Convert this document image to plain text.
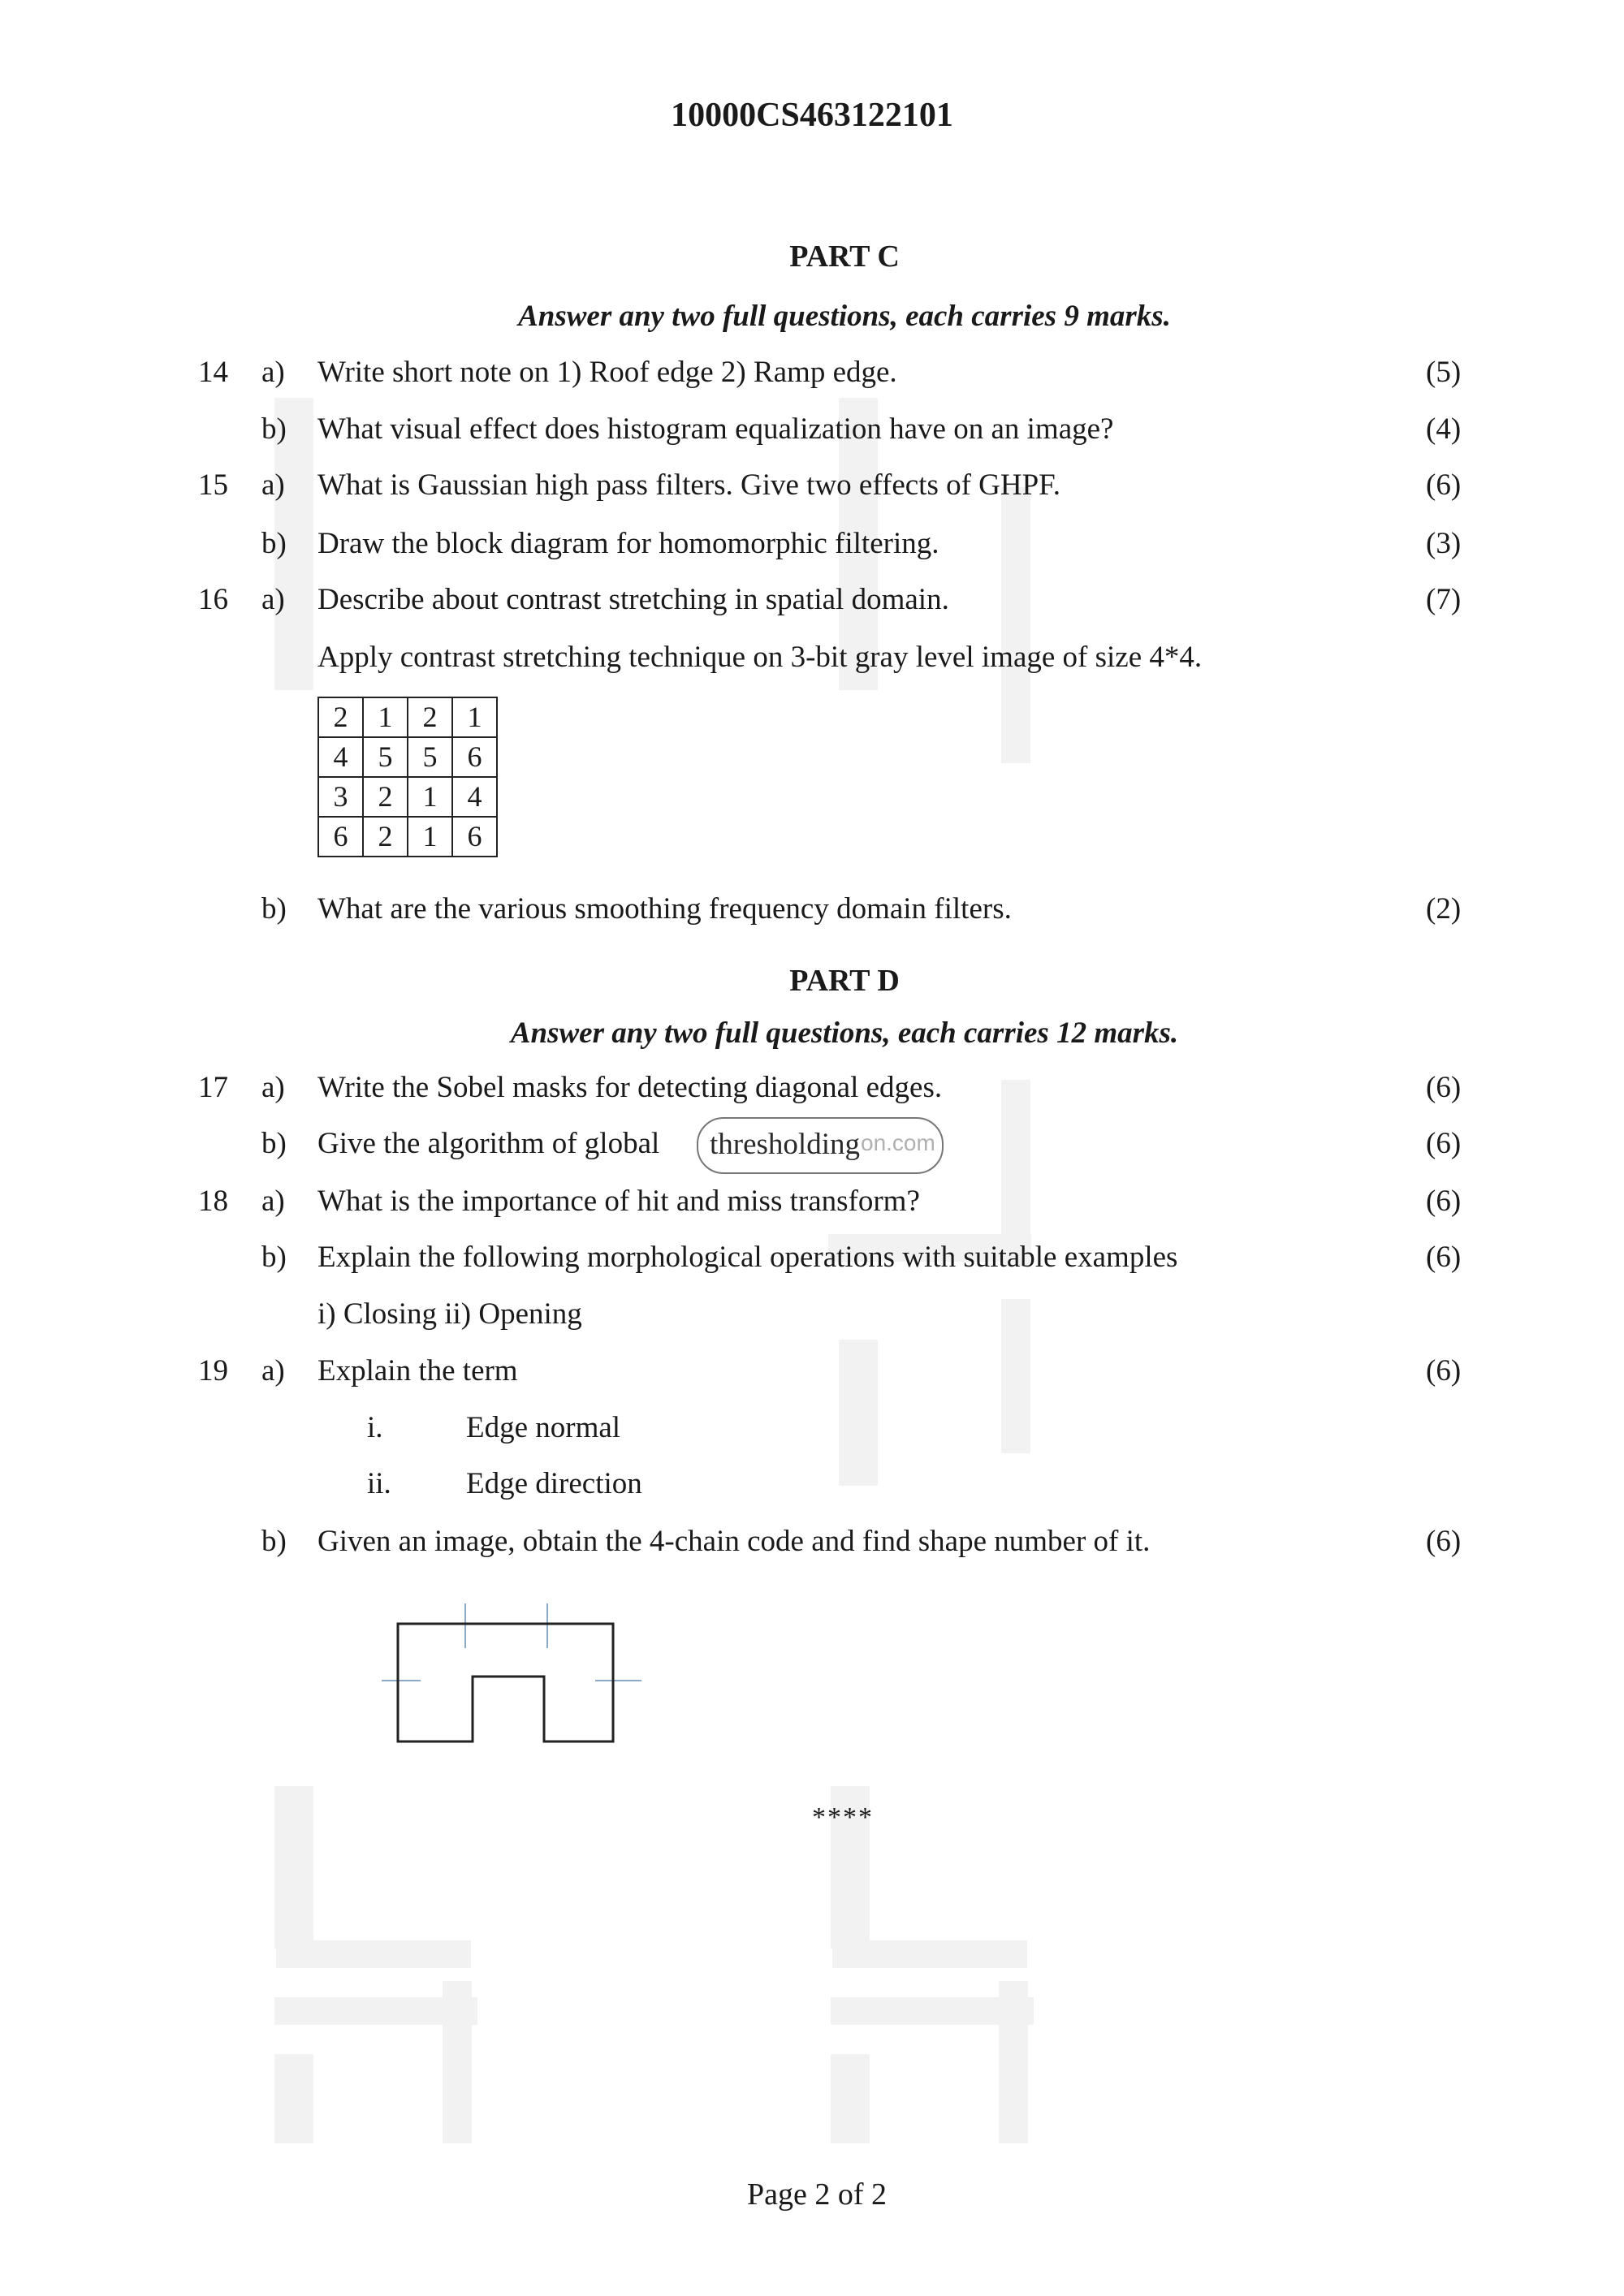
10000CS463122101
PART C
Answer any two full questions, each carries 9 marks.
14 a) Write short note on 1) Roof edge 2) Ramp edge.	(5)
b) What visual effect does histogram equalization have on an image?	(4)
15 a) What is Gaussian high pass filters. Give two effects of GHPF.	(6)
b) Draw the block diagram for homomorphic filtering.	(3)
16 a) Describe about contrast stretching in spatial domain.	(7)
Apply contrast stretching technique on 3-bit gray level image of size 4*4.
2	1	2	1
4	5	5	6
3	2	1	4
6	2	1	6
b) What are the various smoothing frequency domain filters.	(2)
PART D
Answer any two full questions, each carries 12 marks.
17 a) Write the Sobel masks for detecting diagonal edges.	(6)
b) Give the algorithm of global thresholding on.com	(6)
18 a) What is the importance of hit and miss transform?	(6)
b) Explain the following morphological operations with suitable examples	(6)
i) Closing ii) Opening
19 a) Explain the term	(6)
i.	Edge normal
ii. Edge direction
b) Given an image, obtain the 4-chain code and find shape number of it.	(6)
****
Page 2 of 2
